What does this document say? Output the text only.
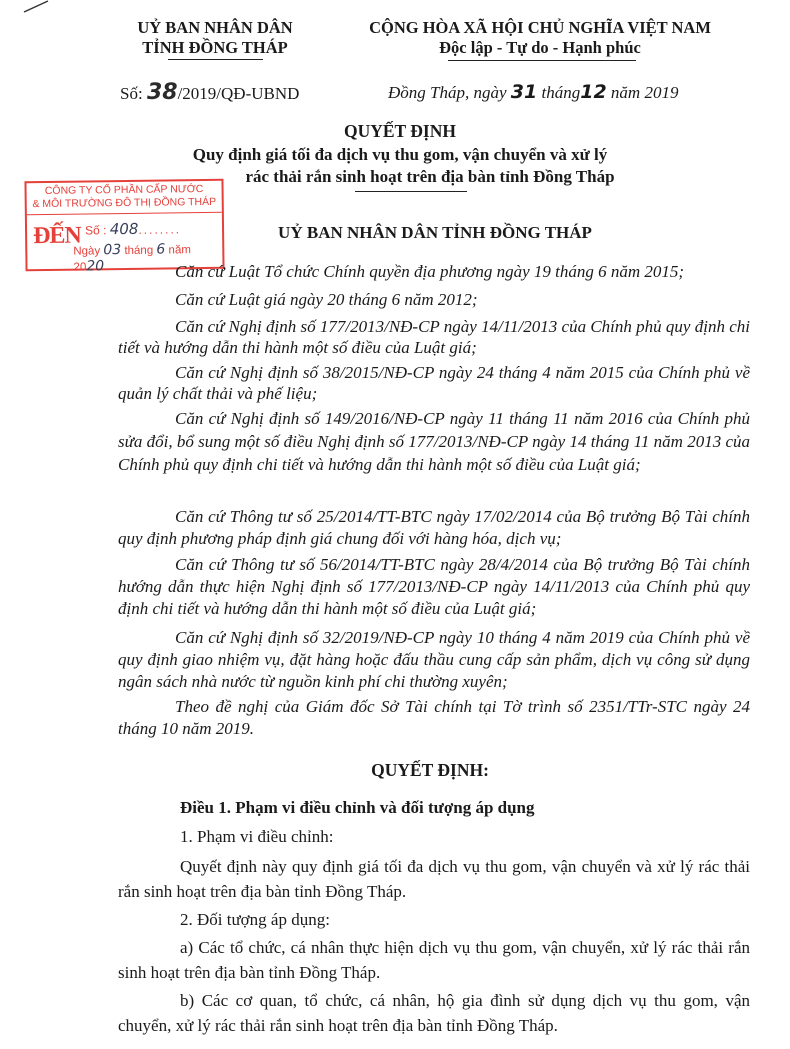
UỶ BAN NHÂN DÂN
TỈNH ĐỒNG THÁP
CỘNG HÒA XÃ HỘI CHỦ NGHĨA VIỆT NAM
Độc lập - Tự do - Hạnh phúc
Số: 38/2019/QĐ-UBND	Đồng Tháp, ngày 31 tháng12 năm 2019
QUYẾT ĐỊNH
Quy định giá tối đa dịch vụ thu gom, vận chuyển và xử lý
rác thải rắn sinh hoạt trên địa bàn tỉnh Đồng Tháp
CÔNG TY CỔ PHẦN CẤP NƯỚC
& MÔI TRƯỜNG ĐÔ THỊ ĐỒNG THÁP
ĐẾN Số : 408........
Ngày 03 tháng 6 năm 2020
UỶ BAN NHÂN DÂN TỈNH ĐỒNG THÁP
Căn cứ Luật Tổ chức Chính quyền địa phương ngày 19 tháng 6 năm 2015;
Căn cứ Luật giá ngày 20 tháng 6 năm 2012;
Căn cứ Nghị định số 177/2013/NĐ-CP ngày 14/11/2013 của Chính phủ quy định chi tiết và hướng dẫn thi hành một số điều của Luật giá;
Căn cứ Nghị định số 38/2015/NĐ-CP ngày 24 tháng 4 năm 2015 của Chính phủ về quản lý chất thải và phế liệu;
Căn cứ Nghị định số 149/2016/NĐ-CP ngày 11 tháng 11 năm 2016 của Chính phủ sửa đổi, bổ sung một số điều Nghị định số 177/2013/NĐ-CP ngày 14 tháng 11 năm 2013 của Chính phủ quy định chi tiết và hướng dẫn thi hành một số điều của Luật giá;
Căn cứ Thông tư số 25/2014/TT-BTC ngày 17/02/2014 của Bộ trưởng Bộ Tài chính quy định phương pháp định giá chung đối với hàng hóa, dịch vụ;
Căn cứ Thông tư số 56/2014/TT-BTC ngày 28/4/2014 của Bộ trưởng Bộ Tài chính hướng dẫn thực hiện Nghị định số 177/2013/NĐ-CP ngày 14/11/2013 của Chính phủ quy định chi tiết và hướng dẫn thi hành một số điều của Luật giá;
Căn cứ Nghị định số 32/2019/NĐ-CP ngày 10 tháng 4 năm 2019 của Chính phủ về quy định giao nhiệm vụ, đặt hàng hoặc đấu thầu cung cấp sản phẩm, dịch vụ công sử dụng ngân sách nhà nước từ nguồn kinh phí chi thường xuyên;
Theo đề nghị của Giám đốc Sở Tài chính tại Tờ trình số 2351/TTr-STC ngày 24 tháng 10 năm 2019.
QUYẾT ĐỊNH:
Điều 1. Phạm vi điều chỉnh và đối tượng áp dụng
1. Phạm vi điều chỉnh:
Quyết định này quy định giá tối đa dịch vụ thu gom, vận chuyển và xử lý rác thải rắn sinh hoạt trên địa bàn tỉnh Đồng Tháp.
2. Đối tượng áp dụng:
a) Các tổ chức, cá nhân thực hiện dịch vụ thu gom, vận chuyển, xử lý rác thải rắn sinh hoạt trên địa bàn tỉnh Đồng Tháp.
b) Các cơ quan, tổ chức, cá nhân, hộ gia đình sử dụng dịch vụ thu gom, vận chuyển, xử lý rác thải rắn sinh hoạt trên địa bàn tỉnh Đồng Tháp.
